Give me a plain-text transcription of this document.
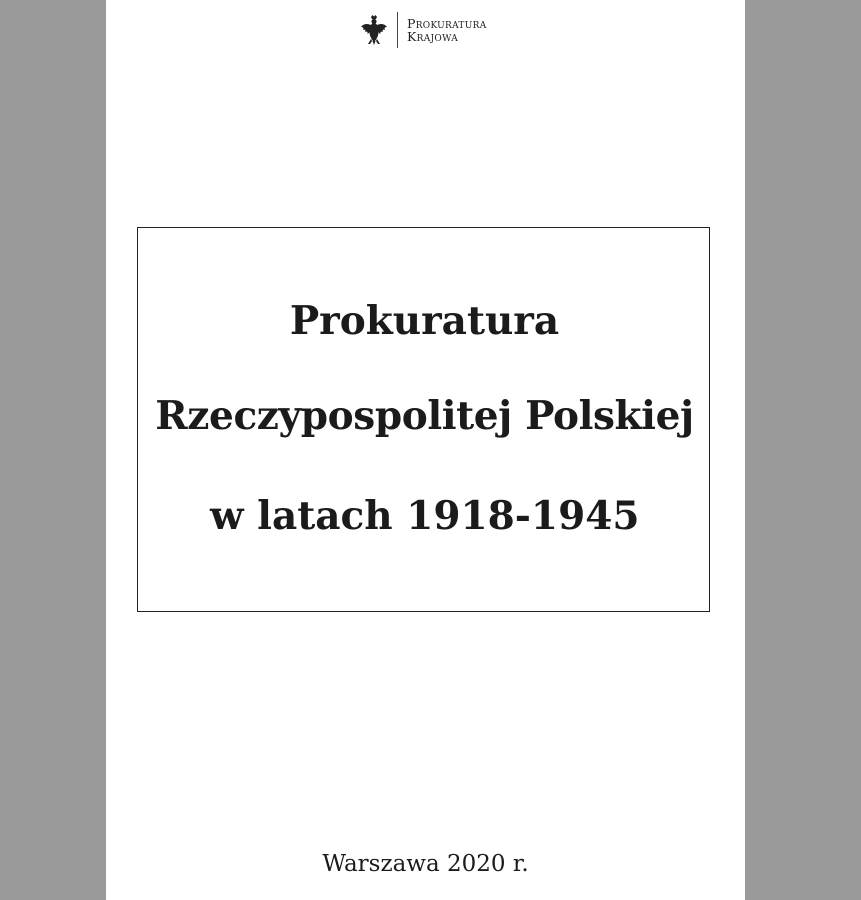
Prokuratura
Krajowa
Prokuratura
Rzeczypospolitej Polskiej
w latach 1918-1945
Warszawa 2020 r.
